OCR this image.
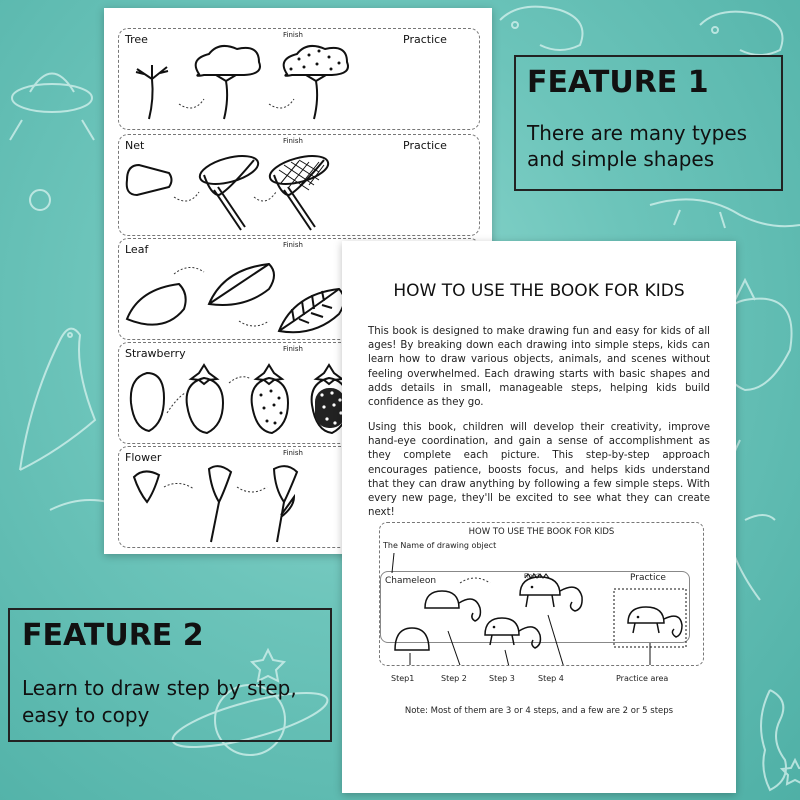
Tree	Finish	Practice
Net	Finish	Practice
Leaf	Finish
Strawberry	Finish
Flower	Finish
FEATURE 1
There are many types
and simple shapes
FEATURE 2
Learn to draw step by step,
easy to copy
HOW TO USE THE BOOK FOR KIDS
This book is designed to make drawing fun and easy for kids of all ages! By breaking down each drawing into simple steps, kids can learn how to draw various objects, animals, and scenes without feeling overwhelmed. Each drawing starts with basic shapes and adds details in small, manageable steps, helping kids build confidence as they go.
Using this book, children will develop their creativity, improve hand-eye coordination, and gain a sense of accomplishment as they complete each picture. This step-by-step approach encourages patience, boosts focus, and helps kids understand that they can draw anything by following a few simple steps. With every new page, they'll be excited to see what they can create next!
HOW TO USE THE BOOK FOR KIDS
The Name of drawing object
Chameleon	Finish	Practice
Step1	Step 2	Step 3	Step 4	Practice area
Note: Most of them are 3 or 4 steps, and a few are 2 or 5 steps
